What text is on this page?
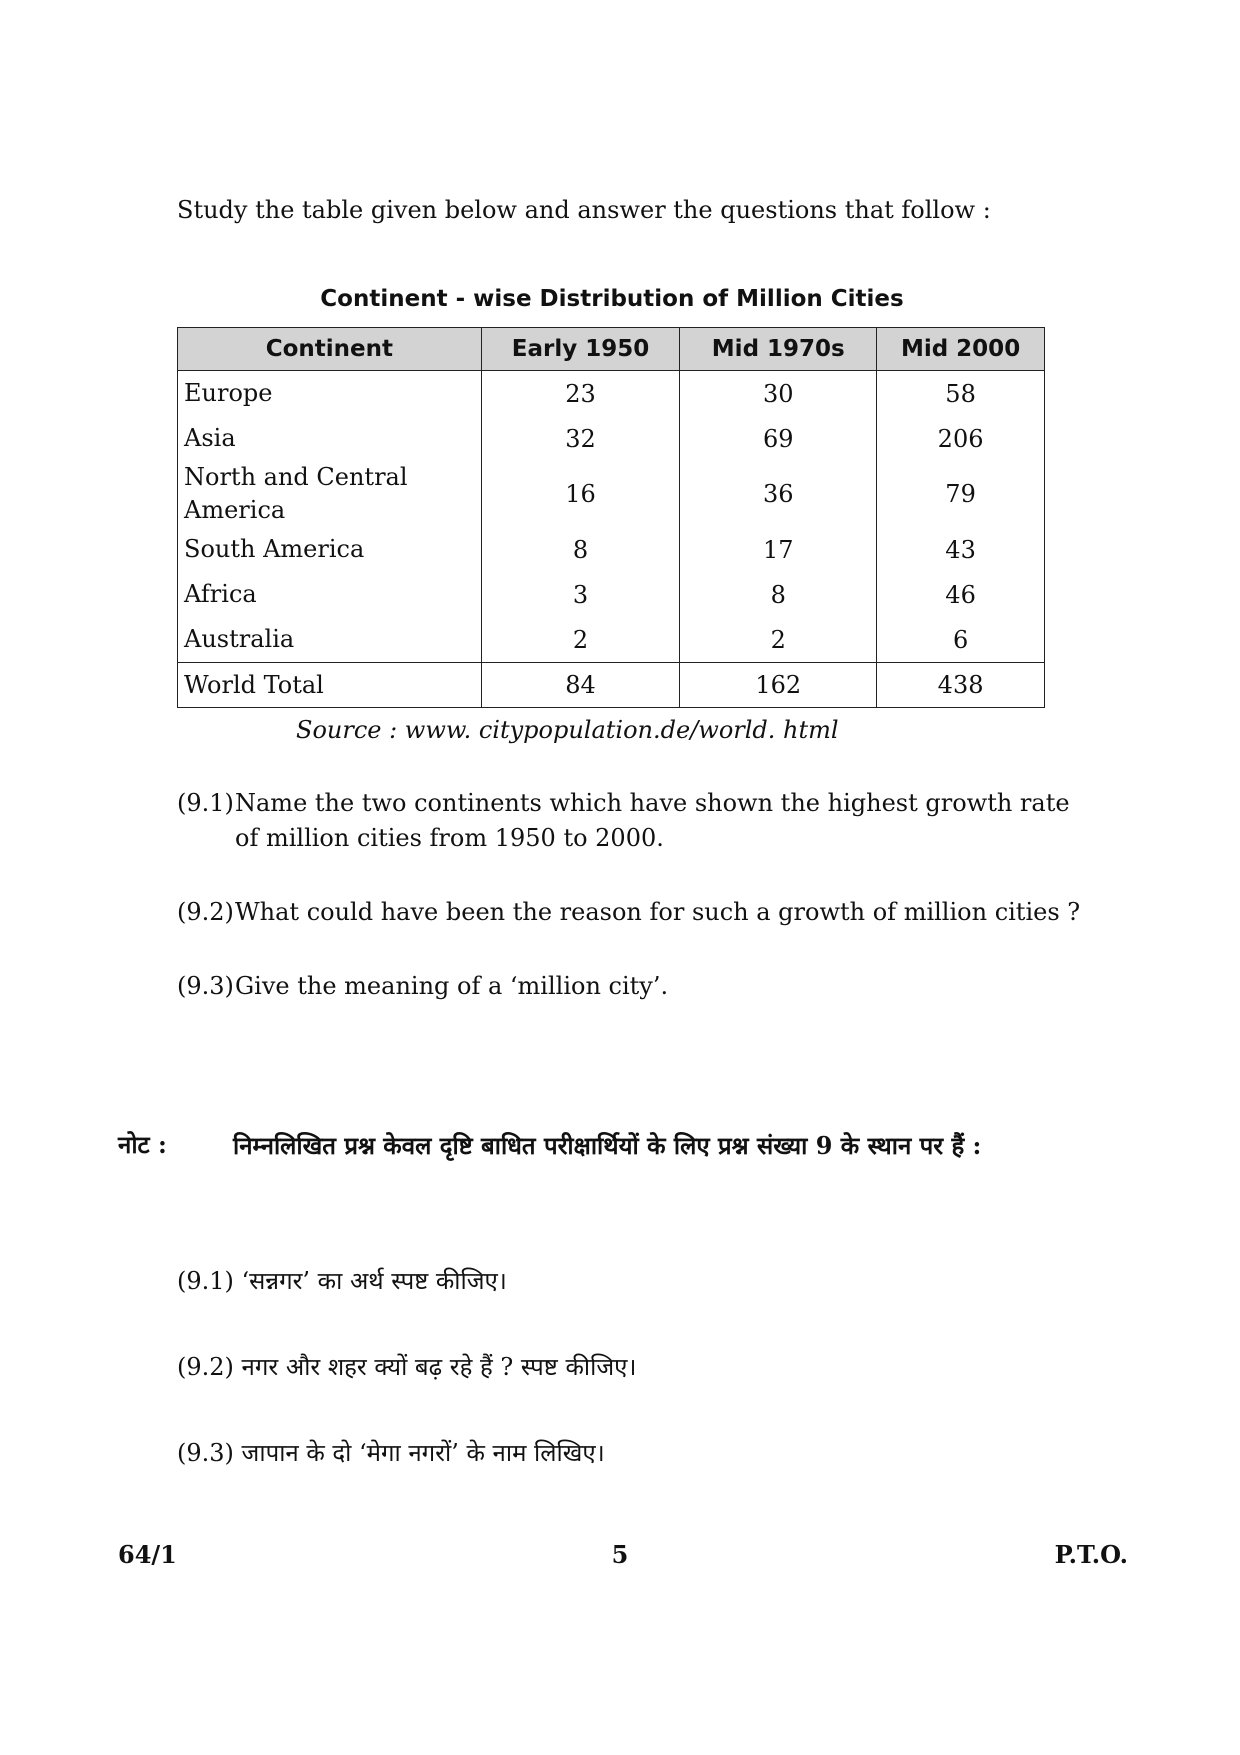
Study the table given below and answer the questions that follow :
Continent - wise Distribution of Million Cities
Continent	Early 1950	Mid 1970s	Mid 2000
Europe	23	30	58
Asia	32	69	206
North and Central America	16	36	79
South America	8	17	43
Africa	3	8	46
Australia	2	2	6
World Total	84	162	438
Source : www. citypopulation.de/world. html
(9.1) Name the two continents which have shown the highest growth rate of million cities from 1950 to 2000.
(9.2) What could have been the reason for such a growth of million cities ?
(9.3) Give the meaning of a ‘million city’.
नोट :	निम्नलिखित प्रश्न केवल दृष्टि बाधित परीक्षार्थियों के लिए प्रश्न संख्या 9 के स्थान पर हैं :
(9.1) ‘सन्नगर’ का अर्थ स्पष्ट कीजिए।
(9.2) नगर और शहर क्यों बढ़ रहे हैं ? स्पष्ट कीजिए।
(9.3) जापान के दो ‘मेगा नगरों’ के नाम लिखिए।
64/1	5	P.T.O.
